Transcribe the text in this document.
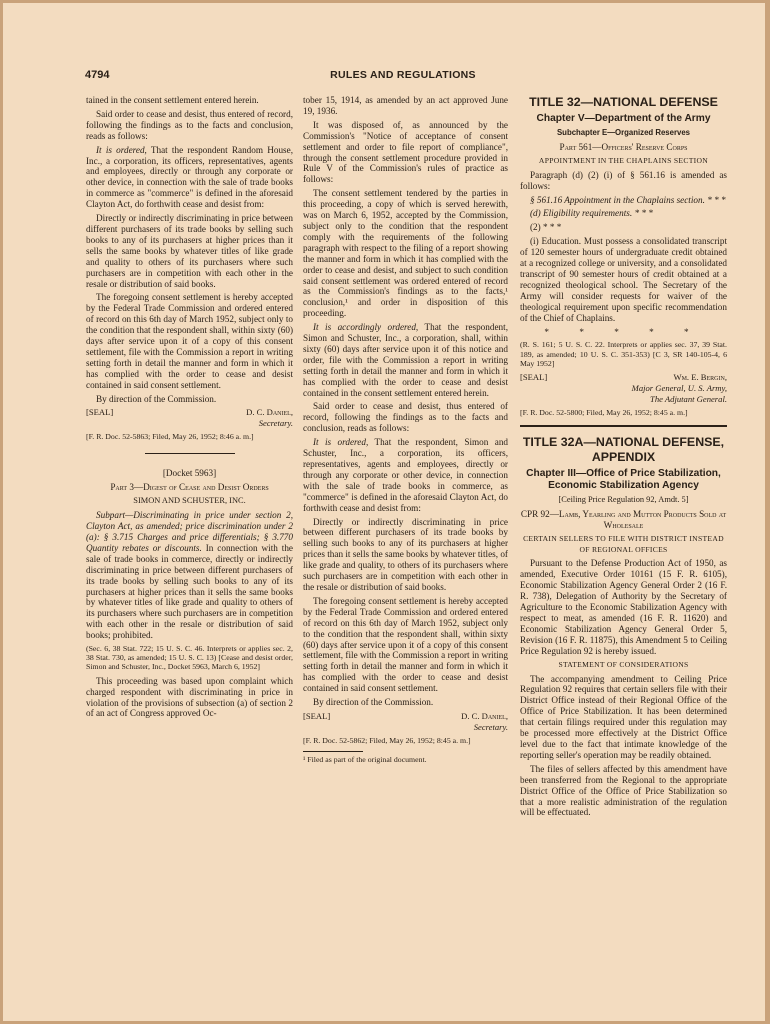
4794	RULES AND REGULATIONS

tained in the consent settlement entered herein.

Said order to cease and desist, thus entered of record, following the findings as to the facts and conclusion, reads as follows:

It is ordered, That the respondent Random House, Inc., a corporation, its officers, representatives, agents and employees, directly or through any corporate or other device, in connection with the sale of trade books in commerce as "commerce" is defined in the aforesaid Clayton Act, do forthwith cease and desist from:

Directly or indirectly discriminating in price between different purchasers of its trade books by selling such books to any of its purchasers at higher prices than it sells the same books by whatever titles of like grade and quality to others of its purchasers where such purchasers are in competition with each other in the resale or distribution of said books.

The foregoing consent settlement is hereby accepted by the Federal Trade Commission and ordered entered of record on this 6th day of March 1952, subject only to the condition that the respondent shall, within sixty (60) days after service upon it of a copy of this consent settlement, file with the Commission a report in writing setting forth in detail the manner and form in which it has complied with the order to cease and desist contained in said consent settlement.

By direction of the Commission.

[SEAL]	D. C. Daniel,
Secretary.

[F. R. Doc. 52-5863; Filed, May 26, 1952; 8:46 a. m.]

[Docket 5963]

Part 3—Digest of Cease and Desist Orders

SIMON AND SCHUSTER, INC.

Subpart—Discriminating in price under section 2, Clayton Act, as amended; price discrimination under 2 (a): § 3.715 Charges and price differentials; § 3.770 Quantity rebates or discounts. In connection with the sale of trade books in commerce, directly or indirectly discriminating in price between different purchasers of its trade books by selling such books to any of its purchasers at higher prices than it sells the same books by whatever titles of like grade and quality to others of its purchasers where such purchasers are in competition with each other in the resale or distribution of said books; prohibited.

(Sec. 6, 38 Stat. 722; 15 U. S. C. 46. Interprets or applies sec. 2, 38 Stat. 730, as amended; 15 U. S. C. 13) [Cease and desist order, Simon and Schuster, Inc., Docket 5963, March 6, 1952]

This proceeding was based upon complaint which charged respondent with discriminating in price in violation of the provisions of subsection (a) of section 2 of an act of Congress approved Oc-

tober 15, 1914, as amended by an act approved June 19, 1936.

It was disposed of, as announced by the Commission's "Notice of acceptance of consent settlement and order to file report of compliance", through the consent settlement procedure provided in Rule V of the Commission's rules of practice as follows:

The consent settlement tendered by the parties in this proceeding, a copy of which is served herewith, was on March 6, 1952, accepted by the Commission, subject only to the condition that the respondent comply with the requirements of the following paragraph with respect to the filing of a report showing the manner and form in which it has complied with the order to cease and desist, and subject to such condition said consent settlement was ordered entered of record as the Commission's findings as to the facts,¹ conclusion,¹ and order in disposition of this proceeding.

It is accordingly ordered, That the respondent, Simon and Schuster, Inc., a corporation, shall, within sixty (60) days after service upon it of this notice and order, file with the Commission a report in writing setting forth in detail the manner and form in which it has complied with the order to cease and desist contained in the consent settlement entered herein.

Said order to cease and desist, thus entered of record, following the findings as to the facts and conclusion, reads as follows:

It is ordered, That the respondent, Simon and Schuster, Inc., a corporation, its officers, representatives, agents and employees, directly or through any corporate or other device, in connection with the sale of trade books in commerce, as "commerce" is defined in the aforesaid Clayton Act, do forthwith cease and desist from:

Directly or indirectly discriminating in price between different purchasers of its trade books by selling such books to any of its purchasers at higher prices than it sells the same books by whatever titles, of like grade and quality, to others of its purchasers where such purchasers are in competition with each other in the resale or distribution of said books.

The foregoing consent settlement is hereby accepted by the Federal Trade Commission and ordered entered of record on this 6th day of March 1952, subject only to the condition that the respondent shall, within sixty (60) days after service upon it of a copy of this consent settlement, file with the Commission a report in writing setting forth in detail the manner and form in which it has complied with the order to cease and desist contained in said consent settlement.

By direction of the Commission.

[SEAL]	D. C. Daniel,
Secretary.

[F. R. Doc. 52-5862; Filed, May 26, 1952; 8:45 a. m.]

¹ Filed as part of the original document.

TITLE 32—NATIONAL DEFENSE

Chapter V—Department of the Army

Subchapter E—Organized Reserves

Part 561—Officers' Reserve Corps

APPOINTMENT IN THE CHAPLAINS SECTION

Paragraph (d) (2) (i) of § 561.16 is amended as follows:

§ 561.16 Appointment in the Chaplains section. * * *

(d) Eligibility requirements. * * *

(2) * * *

(i) Education. Must possess a consolidated transcript of 120 semester hours of undergraduate credit obtained at a recognized college or university, and a consolidated transcript of 90 semester hours of credit obtained at a recognized theological school. The Secretary of the Army will consider requests for waiver of the theological requirement upon specific recommendation of the Chief of Chaplains.

* * * * *

(R. S. 161; 5 U. S. C. 22. Interprets or applies sec. 37, 39 Stat. 189, as amended; 10 U. S. C. 351-353) [C 3, SR 140-105-4, 6 May 1952]

[SEAL]	Wm. E. Bergin,
Major General, U. S. Army,
The Adjutant General.

[F. R. Doc. 52-5800; Filed, May 26, 1952; 8:45 a. m.]

TITLE 32A—NATIONAL DEFENSE, APPENDIX

Chapter III—Office of Price Stabilization, Economic Stabilization Agency

[Ceiling Price Regulation 92, Amdt. 5]

CPR 92—Lamb, Yearling and Mutton Products Sold at Wholesale

CERTAIN SELLERS TO FILE WITH DISTRICT INSTEAD OF REGIONAL OFFICES

Pursuant to the Defense Production Act of 1950, as amended, Executive Order 10161 (15 F. R. 6105), Economic Stabilization Agency General Order 2 (16 F. R. 738), Delegation of Authority by the Secretary of Agriculture to the Economic Stabilization Agency with respect to meat, as amended (16 F. R. 11620) and Economic Stabilization Agency General Order 5, Revision (16 F. R. 11875), this Amendment 5 to Ceiling Price Regulation 92 is hereby issued.

STATEMENT OF CONSIDERATIONS

The accompanying amendment to Ceiling Price Regulation 92 requires that certain sellers file with their District Office instead of their Regional Office of the Office of Price Stabilization. It has been determined that certain filings required under this regulation may be processed more effectively at the District Office level due to the fact that intimate knowledge of the reporting seller's operation may be readily obtained.

The files of sellers affected by this amendment have been transferred from the Regional to the appropriate District Office of the Office of Price Stabilization so that a more realistic administration of the regulation will be effectuated.
